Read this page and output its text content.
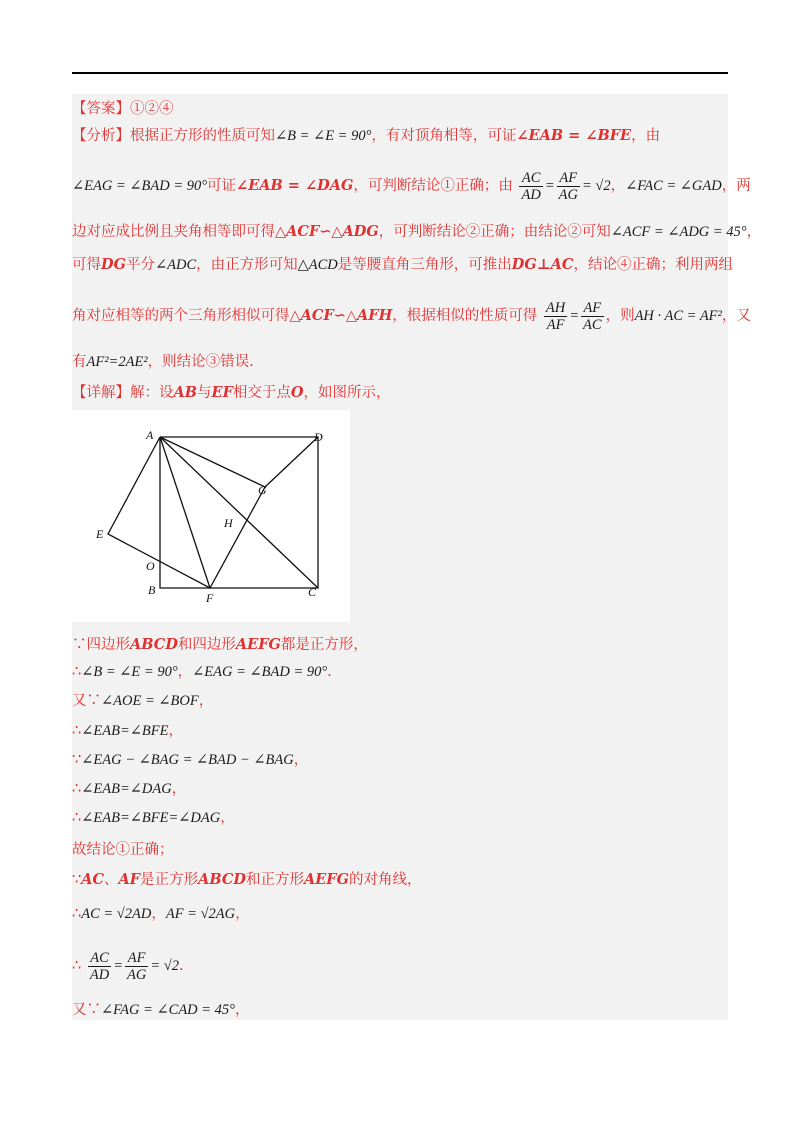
【答案】①②④
【分析】根据正方形的性质可知∠B = ∠E = 90°，有对顶角相等，可证∠EAB = ∠BFE，由
∠EAG = ∠BAD = 90°可证∠EAB = ∠DAG，可判断结论①正确；由 $\frac{AC}{AD} = \frac{AF}{AG} = √2$，∠FAC = ∠GAD，两
边对应成比例且夹角相等即可得△ACF∽△ADG，可判断结论②正确；由结论②可知∠ACF = ∠ADG = 45°，
可得DG平分∠ADC，由正方形可知△ACD是等腰直角三角形，可推出DG⊥AC，结论④正确；利用两组
角对应相等的两个三角形相似可得△ACF∽△AFH，根据相似的性质可得 $\frac{AH}{AF} = \frac{AF}{AC}$ ，则AH · AC = AF²，又
有AF²=2AE²，则结论③错误.
【详解】解：设AB与EF相交于点O，如图所示，
A	D
G
H
E
O
B
F	C
∵四边形ABCD和四边形AEFG都是正方形，
∴∠B = ∠E = 90°，∠EAG = ∠BAD = 90°.
又∵∠AOE = ∠BOF，
∴∠EAB=∠BFE，
∵∠EAG − ∠BAG = ∠BAD − ∠BAG，
∴∠EAB=∠DAG，
∴∠EAB=∠BFE=∠DAG，
故结论①正确；
∵AC、AF是正方形ABCD和正方形AEFG的对角线，
∴AC = √2AD，AF = √2AG，
∴ $\frac{AC}{AD} = \frac{AF}{AG} = √2$.
又∵∠FAG = ∠CAD = 45°，
